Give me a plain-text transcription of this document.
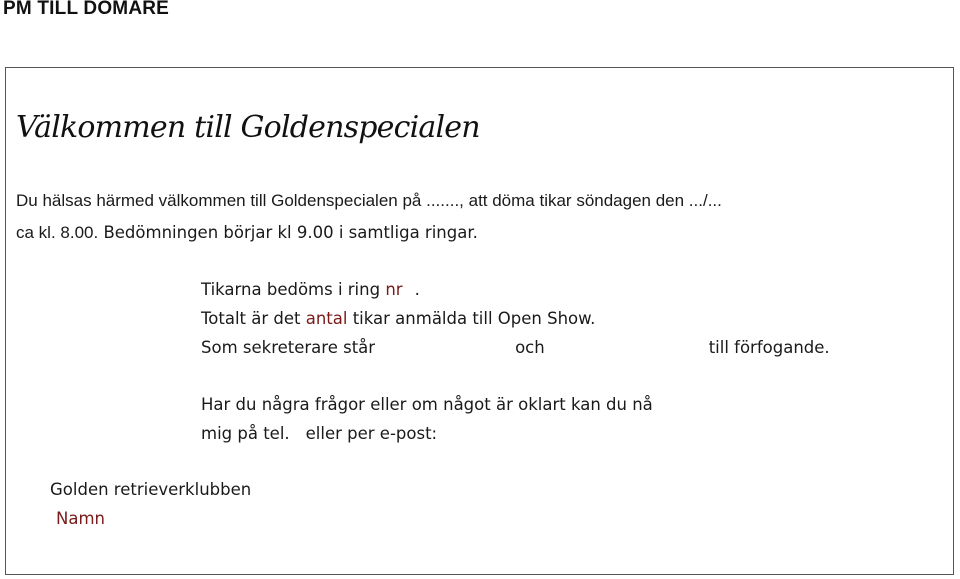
PM TILL DOMARE
Välkommen till Goldenspecialen
Du hälsas härmed välkommen till Goldenspecialen på ......., att döma tikar söndagen den .../...
ca kl. 8.00. Bedömningen börjar kl 9.00 i samtliga ringar.
Tikarna bedöms i ring nr .
Totalt är det antal tikar anmälda till Open Show.
Som sekreterare står	och	till förfogande.
Har du några frågor eller om något är oklart kan du nå
mig på tel. eller per e-post:
Golden retrieverklubben
Namn
